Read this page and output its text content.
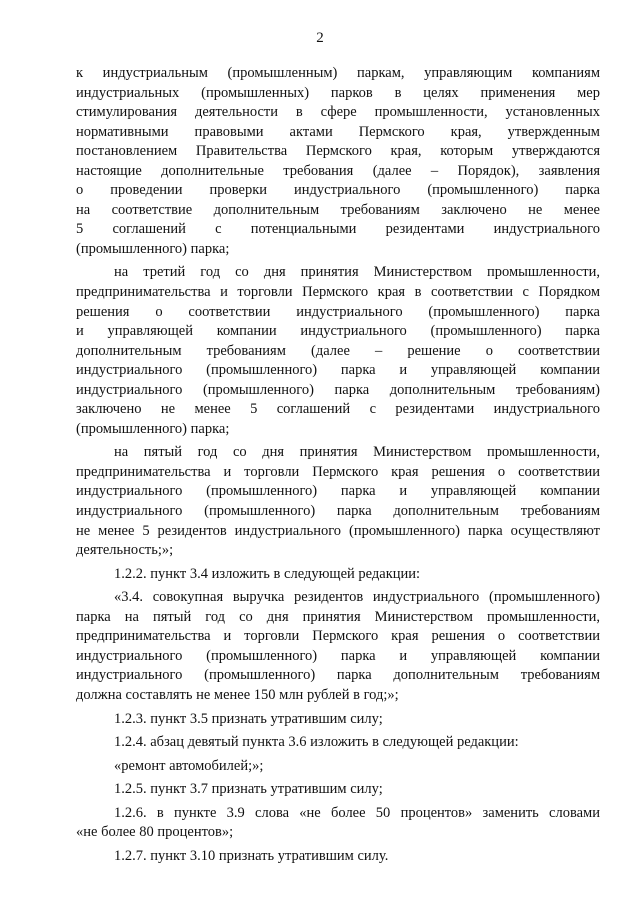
2
к индустриальным (промышленным) паркам, управляющим компаниям
индустриальных (промышленных) парков в целях применения мер
стимулирования деятельности в сфере промышленности, установленных
нормативными правовыми актами Пермского края, утвержденным
постановлением Правительства Пермского края, которым утверждаются
настоящие дополнительные требования (далее – Порядок), заявления
о проведении проверки индустриального (промышленного) парка
на соответствие дополнительным требованиям заключено не менее
5 соглашений с потенциальными резидентами индустриального
(промышленного) парка;
на третий год со дня принятия Министерством промышленности,
предпринимательства и торговли Пермского края в соответствии с Порядком
решения о соответствии индустриального (промышленного) парка
и управляющей компании индустриального (промышленного) парка
дополнительным требованиям (далее – решение о соответствии
индустриального (промышленного) парка и управляющей компании
индустриального (промышленного) парка дополнительным требованиям)
заключено не менее 5 соглашений с резидентами индустриального
(промышленного) парка;
на пятый год со дня принятия Министерством промышленности,
предпринимательства и торговли Пермского края решения о соответствии
индустриального (промышленного) парка и управляющей компании
индустриального (промышленного) парка дополнительным требованиям
не менее 5 резидентов индустриального (промышленного) парка осуществляют
деятельность;»;
1.2.2. пункт 3.4 изложить в следующей редакции:
«3.4. совокупная выручка резидентов индустриального (промышленного)
парка на пятый год со дня принятия Министерством промышленности,
предпринимательства и торговли Пермского края решения о соответствии
индустриального (промышленного) парка и управляющей компании
индустриального (промышленного) парка дополнительным требованиям
должна составлять не менее 150 млн рублей в год;»;
1.2.3. пункт 3.5 признать утратившим силу;
1.2.4. абзац девятый пункта 3.6 изложить в следующей редакции:
«ремонт автомобилей;»;
1.2.5. пункт 3.7 признать утратившим силу;
1.2.6. в пункте 3.9 слова «не более 50 процентов» заменить словами
«не более 80 процентов»;
1.2.7. пункт 3.10 признать утратившим силу.
